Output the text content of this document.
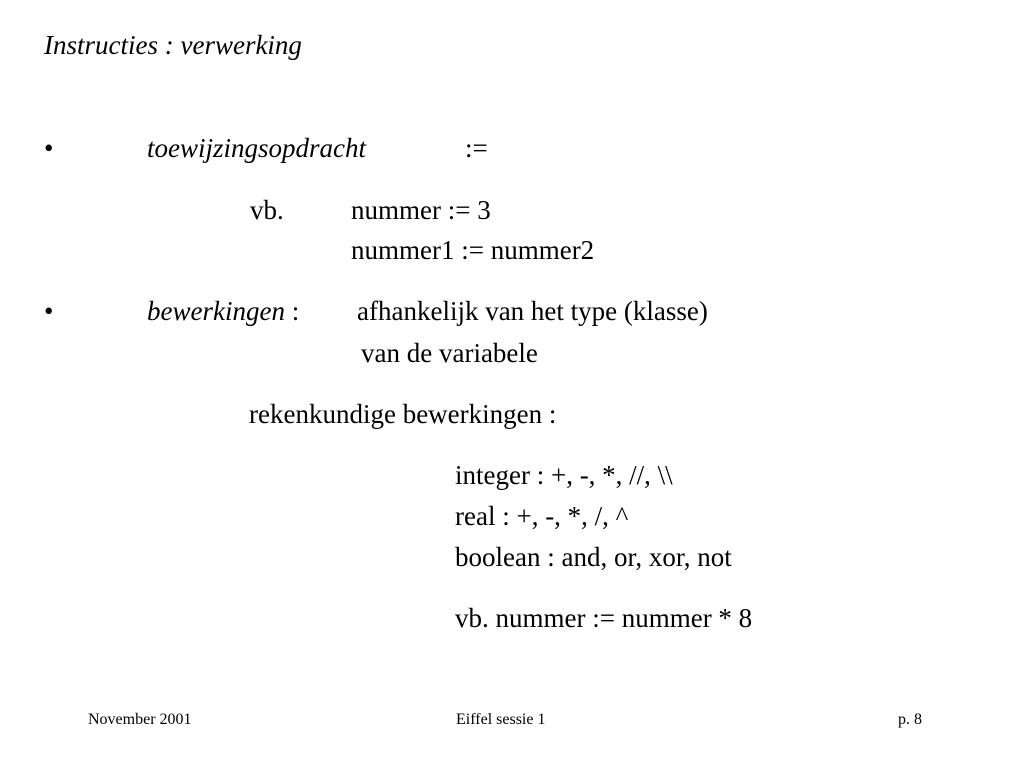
Instructies : verwerking
•	toewijzingsopdracht	:=
vb. nummer := 3
nummer1 := nummer2
•	bewerkingen : afhankelijk van het type (klasse)
van de variabele
rekenkundige bewerkingen :
integer : +, -, *, //, \\
real : +, -, *, /, ^
boolean : and, or, xor, not
vb. nummer := nummer * 8
November 2001	Eiffel sessie 1	p. 8
